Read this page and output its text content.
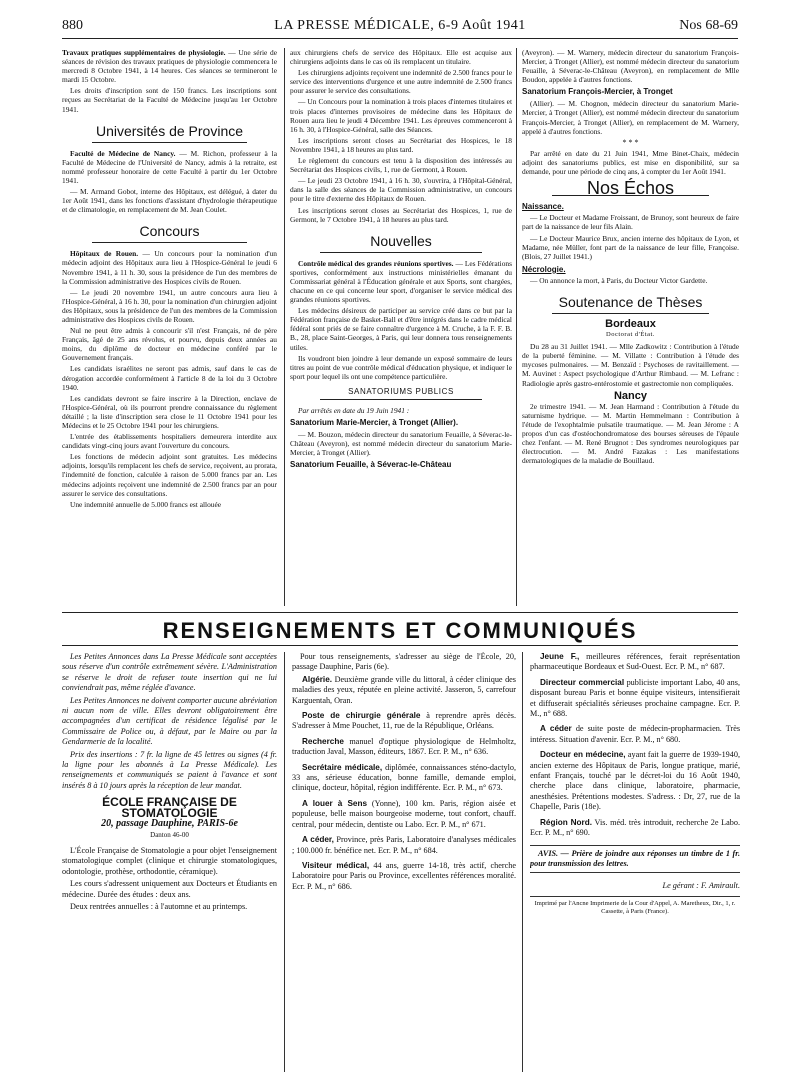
880	LA PRESSE MÉDICALE, 6-9 Août 1941	Nos 68-69

Travaux pratiques supplémentaires de physiologie. — Une série de séances de révision des travaux pratiques de physiologie commencera le mercredi 8 Octobre 1941, à 14 heures. Ces séances se termineront le mardi 15 Octobre.

Les droits d'inscription sont de 150 francs. Les inscriptions sont reçues au Secrétariat de la Faculté de Médecine jusqu'au 1er Octobre 1941.

Universités de Province

Faculté de Médecine de Nancy. — M. Richon, professeur à la Faculté de Médecine de l'Université de Nancy, admis à la retraite, est nommé professeur honoraire de cette Faculté à partir du 1er Octobre 1941.

— M. Armand Gobot, interne des Hôpitaux, est délégué, à dater du 1er Août 1941, dans les fonctions d'assistant d'hydrologie thérapeutique et de climatologie, en remplacement de M. Jean Coulet.

Concours

Hôpitaux de Rouen. — Un concours pour la nomination d'un médecin adjoint des Hôpitaux aura lieu à l'Hospice-Général le jeudi 6 Novembre 1941, à 11 h. 30, sous la présidence de l'un des membres de la Commission administrative des Hospices civils de Rouen.

— Le jeudi 20 novembre 1941, un autre concours aura lieu à l'Hospice-Général, à 16 h. 30, pour la nomination d'un chirurgien adjoint des Hôpitaux, sous la présidence de l'un des membres de la Commission administrative des Hospices civils de Rouen.

Nul ne peut être admis à concourir s'il n'est Français, né de père Français, âgé de 25 ans révolus, et pourvu, depuis deux années au moins, du diplôme de docteur en médecine conféré par le Gouvernement français.

Les candidats israélites ne seront pas admis, sauf dans le cas de dérogation accordée conformément à l'article 8 de la loi du 3 Octobre 1940.

Les candidats devront se faire inscrire à la Direction, enclave de l'Hospice-Général, où ils pourront prendre connaissance du règlement détaillé ; la liste d'inscription sera close le 11 Octobre 1941 pour les Médecins et le 25 Octobre 1941 pour les chirurgiens.

L'entrée des établissements hospitaliers demeurera interdite aux candidats vingt-cinq jours avant l'ouverture du concours.

Les fonctions de médecin adjoint sont gratuites. Les médecins adjoints, lorsqu'ils remplacent les chefs de service, reçoivent, au prorata, l'indemnité de fonction, calculée à raison de 5.000 francs par an. Les médecins adjoints reçoivent une indemnité de 2.500 francs par an pour assurer le service des consultations.

Une indemnité annuelle de 5.000 francs est allouée

aux chirurgiens chefs de service des Hôpitaux. Elle est acquise aux chirurgiens adjoints dans le cas où ils remplacent un titulaire.

Les chirurgiens adjoints reçoivent une indemnité de 2.500 francs pour le service des interventions d'urgence et une autre indemnité de 2.500 francs pour assurer le service des consultations.

— Un Concours pour la nomination à trois places d'internes titulaires et trois places d'internes provisoires de médecine dans les Hôpitaux de Rouen aura lieu le jeudi 4 Décembre 1941. Les épreuves commenceront à 16 h. 30, à l'Hospice-Général, salle des Séances.

Les inscriptions seront closes au Secrétariat des Hospices, le 18 Novembre 1941, à 18 heures au plus tard.

Le règlement du concours est tenu à la disposition des intéressés au Secrétariat des Hospices civils, 1, rue de Germont, à Rouen.

— Le jeudi 23 Octobre 1941, à 16 h. 30, s'ouvrira, à l'Hôpital-Général, dans la salle des séances de la Commission administrative, un concours pour le titre d'externe des Hôpitaux de Rouen.

Les inscriptions seront closes au Secrétariat des Hospices, 1, rue de Germont, le 7 Octobre 1941, à 18 heures au plus tard.

Nouvelles

Contrôle médical des grandes réunions sportives. — Les Fédérations sportives, conformément aux instructions ministérielles émanant du Commissariat général à l'Éducation générale et aux Sports, sont chargées, chacune en ce qui concerne leur sport, d'organiser le service médical des grandes réunions sportives.

Les médecins désireux de participer au service créé dans ce but par la Fédération française de Basket-Ball et d'être intégrés dans le cadre médical fédéral sont priés de se faire connaître d'urgence à M. Cruche, à la F. F. B. B., 28, place Saint-Georges, à Paris, qui leur donnera tous renseignements utiles.

Ils voudront bien joindre à leur demande un exposé sommaire de leurs titres au point de vue contrôle médical d'éducation physique, et indiquer le sport pour lequel ils ont une compétence particulière.

SANATORIUMS PUBLICS

Par arrêtés en date du 19 Juin 1941 :

Sanatorium Marie-Mercier, à Tronget (Allier).

— M. Bouzon, médecin directeur du sanatorium Feuaille, à Séverac-le-Château (Aveyron), est nommé médecin directeur du sanatorium Marie-Mercier, à Tronget (Allier).

Sanatorium Feuaille, à Séverac-le-Château

(Aveyron). — M. Warnery, médecin directeur du sanatorium François-Mercier, à Tronget (Allier), est nommé médecin directeur du sanatorium Feuaille, à Séverac-le-Château (Aveyron), en remplacement de Mlle Boudon, appelée à d'autres fonctions.

Sanatorium François-Mercier, à Tronget

(Allier). — M. Chognon, médecin directeur du sanatorium Marie-Mercier, à Tronget (Allier), est nommé médecin directeur du sanatorium François-Mercier, à Tronget (Allier), en remplacement de M. Warnery, appelé à d'autres fonctions.

* * *

Par arrêté en date du 21 Juin 1941, Mme Binet-Chaix, médecin adjoint des sanatoriums publics, est mise en disponibilité, sur sa demande, pour une période de cinq ans, à compter du 1er Août 1941.

Nos Échos
Naissance.

— Le Docteur et Madame Froissant, de Brunoy, sont heureux de faire part de la naissance de leur fils Alain.

— Le Docteur Maurice Brux, ancien interne des hôpitaux de Lyon, et Madame, née Müller, font part de la naissance de leur fille, Françoise. (Blois, 27 Juillet 1941.)

Nécrologie.

— On annonce la mort, à Paris, du Docteur Victor Gardette.

Soutenance de Thèses
Bordeaux
Doctorat d'État.

Du 28 au 31 Juillet 1941. — Mlle Zadkowitz : Contribution à l'étude de la puberté féminine. — M. Villatte : Contribution à l'étude des mycoses pulmonaires. — M. Benzaïd : Psychoses de ravitaillement. — M. Auvinet : Aspect psychologique d'Arthur Rimbaud. — M. Lefranc : Radiologie après gastro-entérostomie et gastrectomie non compliquées.

Nancy

2e trimestre 1941. — M. Jean Harmand : Contribution à l'étude du saturnisme hydrique. — M. Martin Hemmelmann : Contribution à l'étude de l'exophtalmie pulsatile traumatique. — M. Jean Jérome : A propos d'un cas d'ostéochondromatose des bourses séreuses de l'épaule chez l'enfant. — M. René Brugnot : Des syndromes neurologiques par électrocution. — M. André Fazakas : Les manifestations dermatologiques de la maladie de Bouillaud.

RENSEIGNEMENTS ET COMMUNIQUÉS

Les Petites Annonces dans La Presse Médicale sont acceptées sous réserve d'un contrôle extrêmement sévère. L'Administration se réserve le droit de refuser toute insertion qui ne lui conviendrait pas, même réglée d'avance.

Les Petites Annonces ne doivent comporter aucune abréviation ni aucun nom de ville. Elles devront obligatoirement être accompagnées d'un certificat de résidence légalisé par le Commissaire de Police ou, à défaut, par le Maire ou par la Gendarmerie de la localité.

Prix des insertions : 7 fr. la ligne de 45 lettres ou signes (4 fr. la ligne pour les abonnés à La Presse Médicale). Les renseignements et communiqués se paient à l'avance et sont insérés 8 à 10 jours après la réception de leur mandat.

ÉCOLE FRANÇAISE DE STOMATOLOGIE
20, passage Dauphine, PARIS-6e
Danton 46-00

L'École Française de Stomatologie a pour objet l'enseignement stomatologique complet (clinique et chirurgie stomatologiques, odontologie, prothèse, orthodontie, céramique).

Les cours s'adressent uniquement aux Docteurs et Étudiants en médecine. Durée des études : deux ans.

Deux rentrées annuelles : à l'automne et au printemps.

Pour tous renseignements, s'adresser au siège de l'École, 20, passage Dauphine, Paris (6e).

Algérie. Deuxième grande ville du littoral, à céder clinique des maladies des yeux, réputée en pleine activité. Jasseron, 5, carrefour Karguentah, Oran.

Poste de chirurgie générale à reprendre après décès. S'adresser à Mme Pouchet, 11, rue de la République, Orléans.

Recherche manuel d'optique physiologique de Helmholtz, traduction Javal, Masson, éditeurs, 1867. Ecr. P. M., n° 636.

Secrétaire médicale, diplômée, connaissances sténo-dactylo, 33 ans, sérieuse éducation, bonne famille, demande emploi, clinique, docteur, hôpital, région indifférente. Ecr. P. M., n° 673.

A louer à Sens (Yonne), 100 km. Paris, région aisée et populeuse, belle maison bourgeoise moderne, tout confort, chauff. central, pour médecin, dentiste ou Labo. Ecr. P. M., n° 671.

A céder, Province, près Paris, Laboratoire d'analyses médicales ; 100.000 fr. bénéfice net. Ecr. P. M., n° 684.

Visiteur médical, 44 ans, guerre 14-18, très actif, cherche Laboratoire pour Paris ou Province, excellentes références moralité. Ecr. P. M., n° 686.

Jeune F., meilleures références, ferait représentation pharmaceutique Bordeaux et Sud-Ouest. Ecr. P. M., n° 687.

Directeur commercial publiciste important Labo, 40 ans, disposant bureau Paris et bonne équipe visiteurs, intensifierait et diffuserait spécialités sérieuses prochaine campagne. Ecr. P. M., n° 688.

A céder de suite poste de médecin-propharmacien. Très intéress. Situation d'avenir. Ecr. P. M., n° 680.

Docteur en médecine, ayant fait la guerre de 1939-1940, ancien externe des Hôpitaux de Paris, longue pratique, marié, enfant Français, touché par le décret-loi du 16 Août 1940, cherche place dans clinique, laboratoire, pharmacie, anesthésies. Prétentions modestes. S'adress. : Dr, 27, rue de la Chapelle, Paris (18e).

Région Nord. Vis. méd. très introduit, recherche 2e Labo. Ecr. P. M., n° 690.

AVIS. — Prière de joindre aux réponses un timbre de 1 fr. pour transmission des lettres.
Le gérant : F. Amirault.
Imprimé par l'Ancne Imprimerie de la Cour d'Appel, A. Maretheux, Dir., 1, r. Cassette, à Paris (France).
